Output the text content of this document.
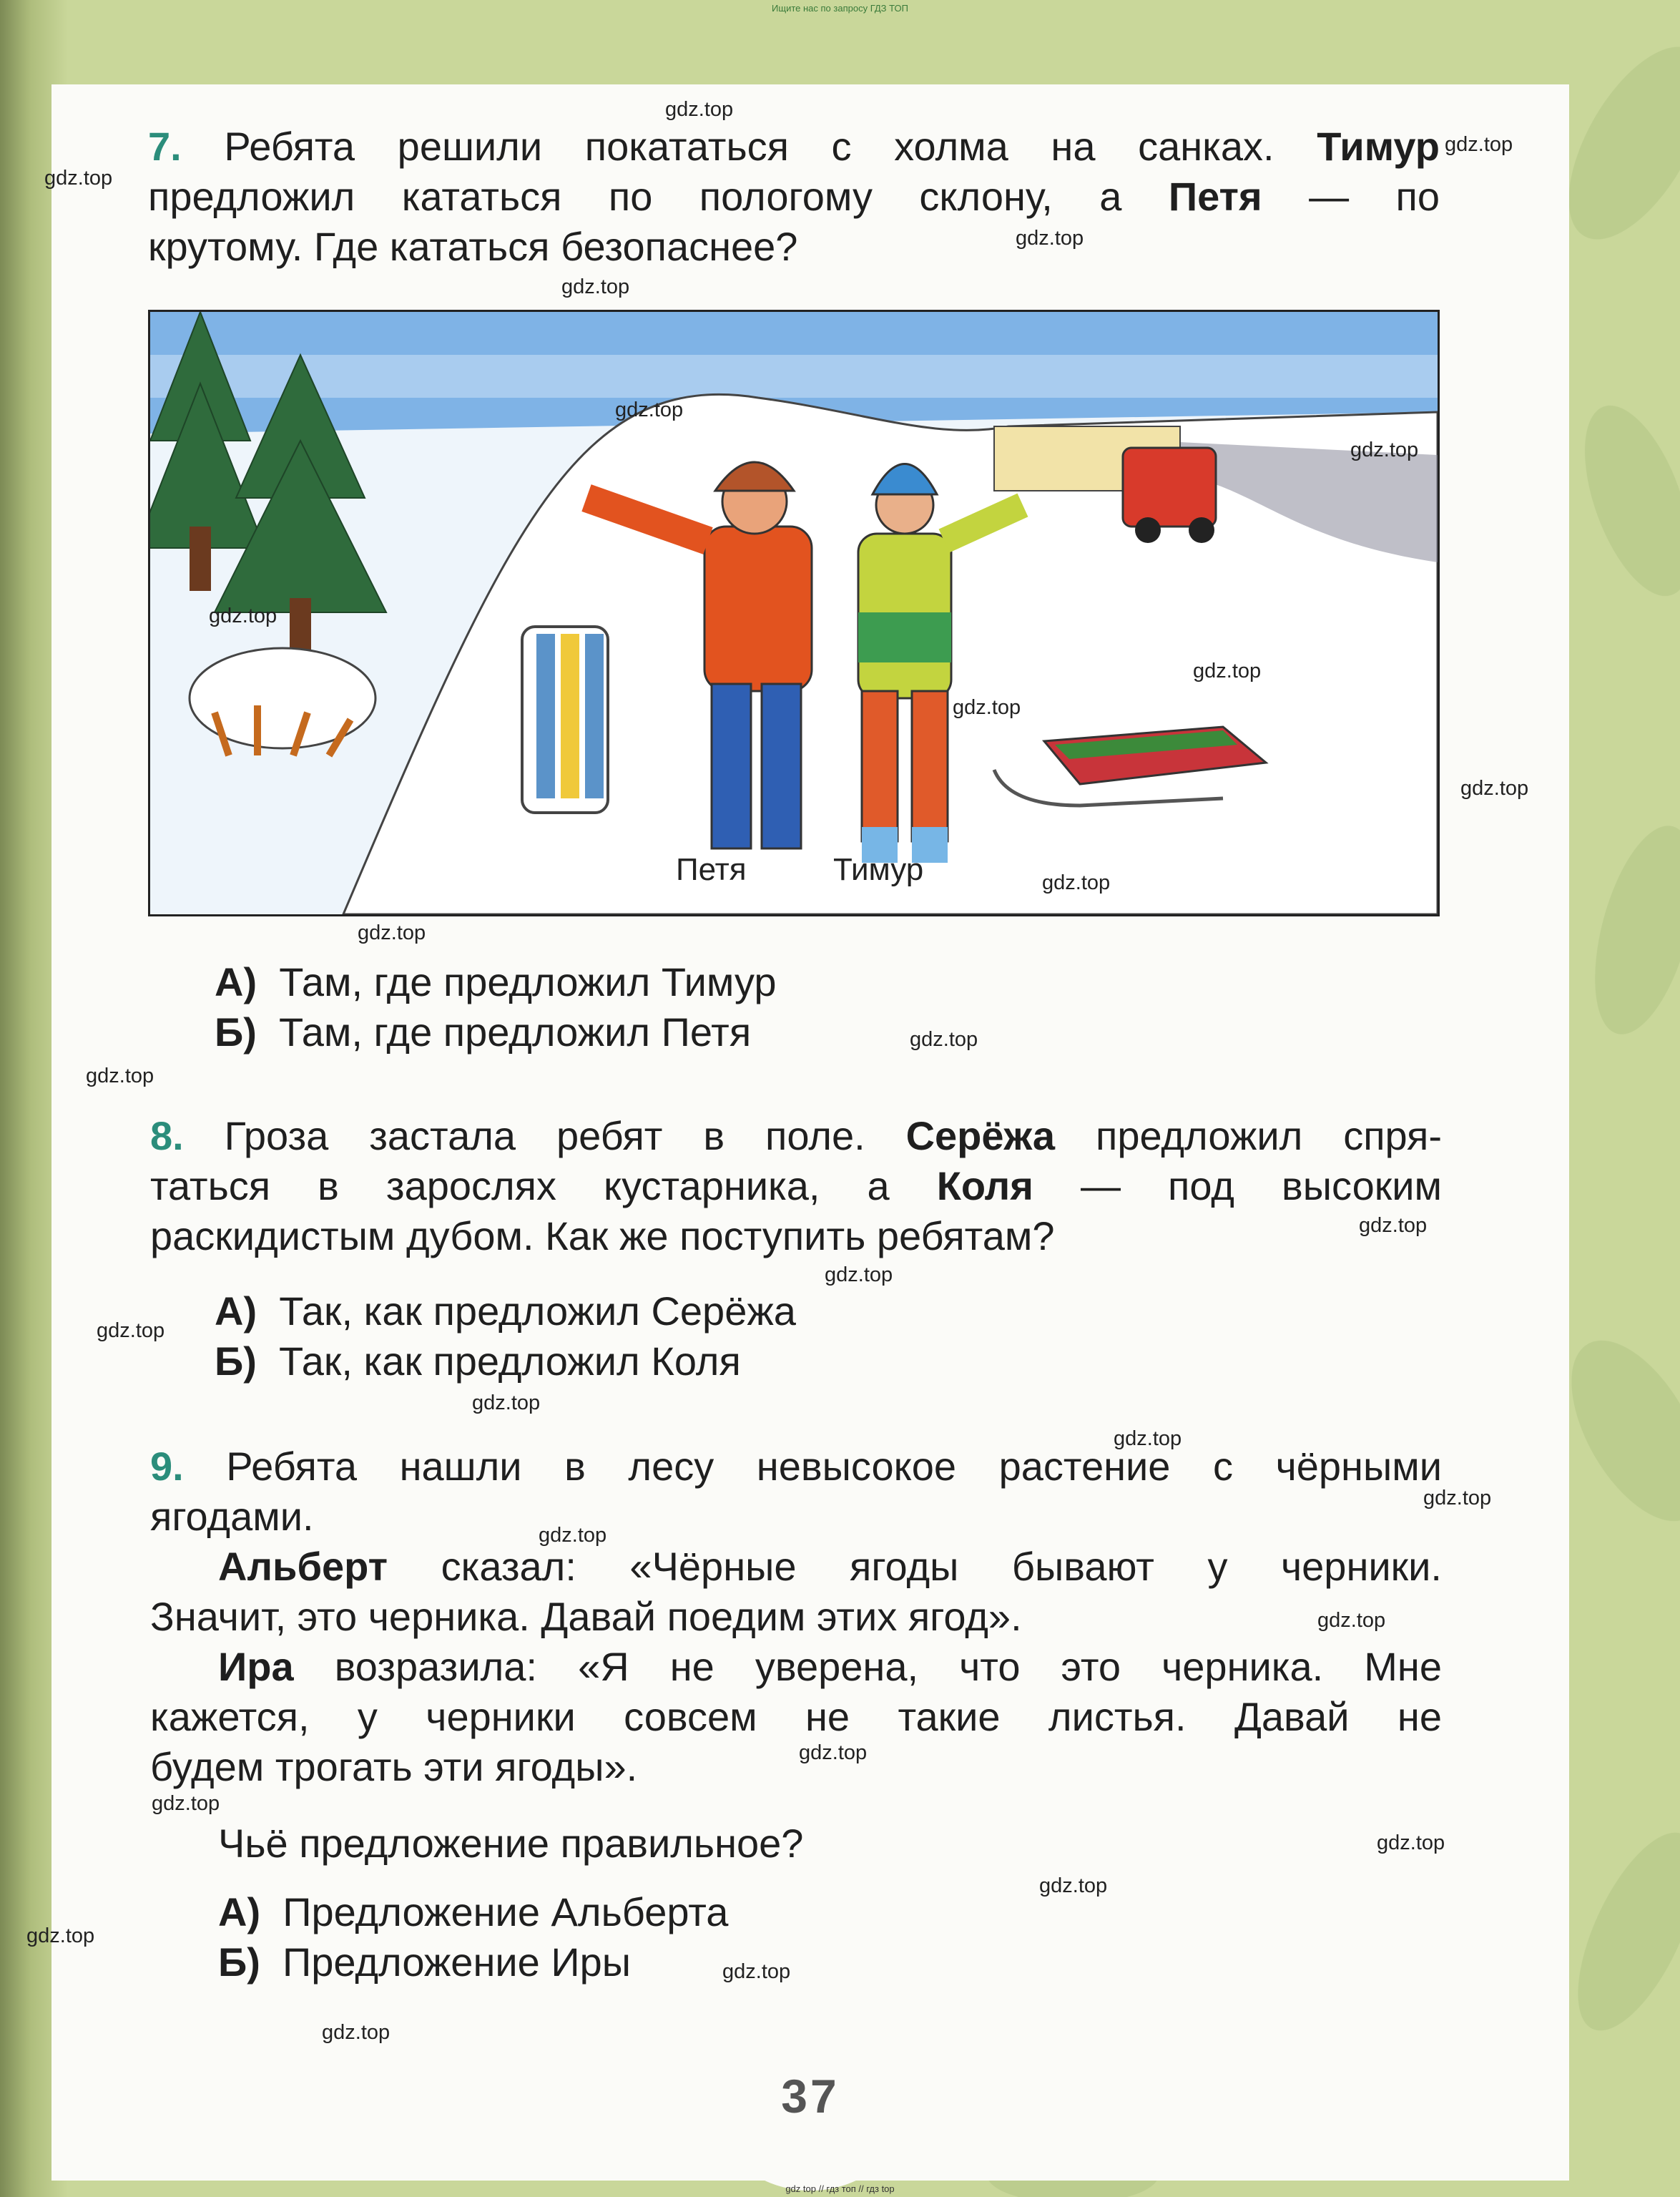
Ищите нас по запросу ГДЗ ТОП
7. Ребята решили покататься с холма на санках. Тимур
предложил кататься по пологому склону, а Петя — по
крутому. Где кататься безопаснее?
Петя	Тимур
А) Там, где предложил Тимур
Б) Там, где предложил Петя
8. Гроза застала ребят в поле. Серёжа предложил спря-
таться в зарослях кустарника, а Коля — под высоким
раскидистым дубом. Как же поступить ребятам?
А) Так, как предложил Серёжа
Б) Так, как предложил Коля
9. Ребята нашли в лесу невысокое растение с чёрными
ягодами.
Альберт сказал: «Чёрные ягоды бывают у черники.
Значит, это черника. Давай поедим этих ягод».
Ира возразила: «Я не уверена, что это черника. Мне
кажется, у черники совсем не такие листья. Давай не
будем трогать эти ягоды».
Чьё предложение правильное?
А) Предложение Альберта
Б) Предложение Иры
37
gdz.top
gdz.top
gdz.top
gdz.top
gdz.top
gdz.top
gdz.top
gdz.top
gdz.top
gdz.top
gdz.top
gdz.top
gdz.top
gdz.top
gdz.top
gdz.top
gdz.top
gdz.top
gdz.top
gdz.top
gdz.top
gdz.top
gdz.top
gdz.top
gdz.top
gdz.top
gdz.top
gdz.top
gdz.top
gdz.top
gdz top // гдз топ // гдз top
